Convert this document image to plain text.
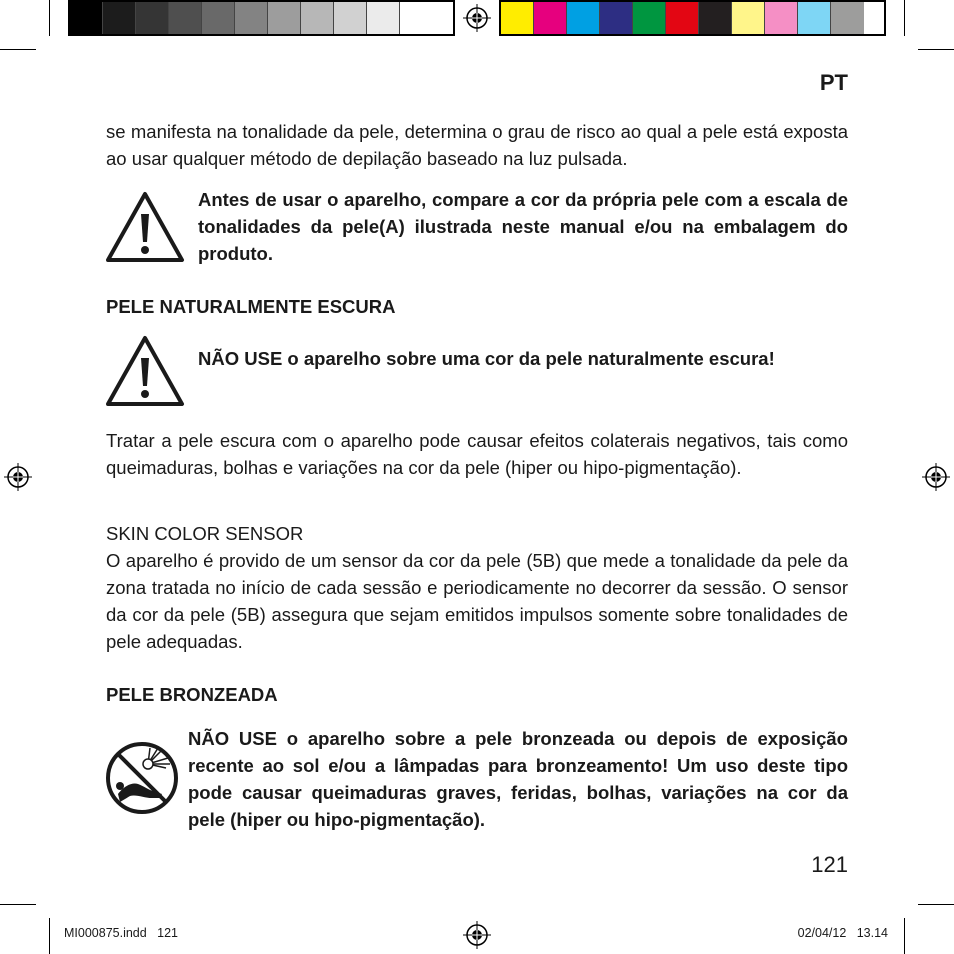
PT
se manifesta na tonalidade da pele, determina o grau de risco ao qual a pele está exposta ao usar qualquer método de depilação baseado na luz pulsada.
Antes de usar o aparelho, compare a cor da própria pele com a escala de tonalidades da pele(A) ilustrada neste manual e/ou na embalagem do produto.
PELE NATURALMENTE ESCURA
NÃO USE o aparelho sobre uma cor da pele naturalmente escura!
Tratar a pele escura com o aparelho pode causar efeitos colaterais negativos, tais como queimaduras, bolhas e variações na cor da pele (hiper ou hipo-pigmentação).
SKIN COLOR SENSOR
O aparelho é provido de um sensor da cor da pele (5B) que mede a tonalidade da pele da zona tratada no início de cada sessão e periodicamente no decorrer da sessão. O sensor da cor da pele (5B) assegura que sejam emitidos impulsos somente sobre tonalidades de pele adequadas.
PELE BRONZEADA
NÃO USE o aparelho sobre a pele bronzeada ou depois de exposição recente ao sol e/ou a lâmpadas para bronzeamento! Um uso deste tipo pode causar queimaduras graves, feridas, bolhas, variações na cor da pele (hiper ou hipo-pigmentação).
121
MI000875.indd   121	02/04/12   13.14
